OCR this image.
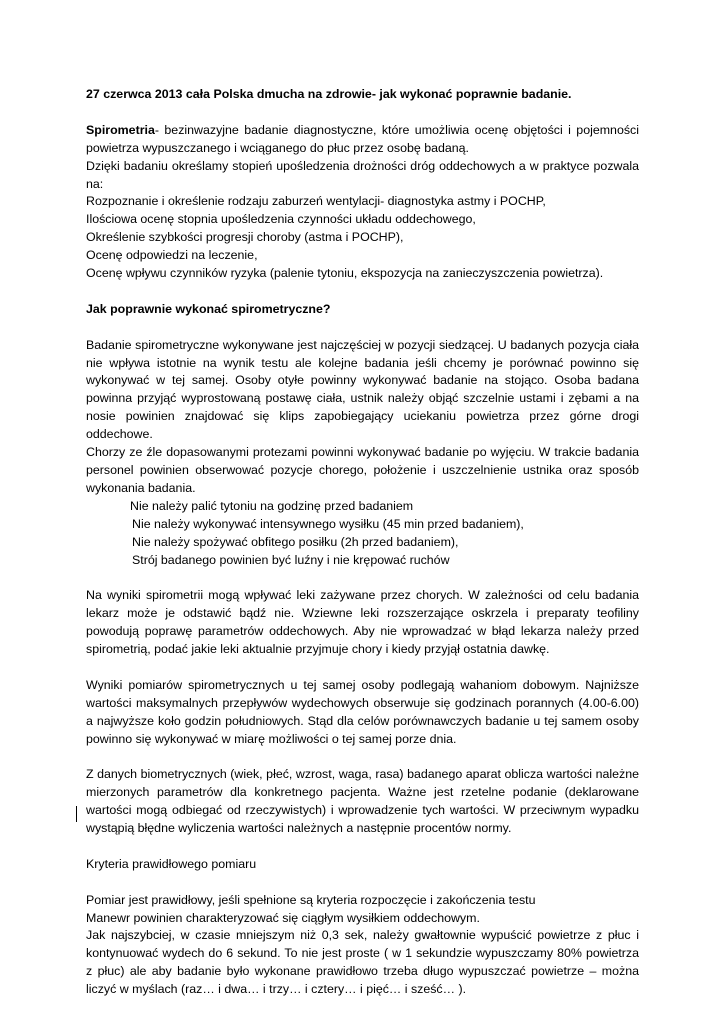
27 czerwca 2013 cała Polska dmucha na zdrowie- jak wykonać poprawnie badanie.

Spirometria- bezinwazyjne badanie diagnostyczne, które umożliwia ocenę objętości i pojemności powietrza wypuszczanego i wciąganego do płuc przez osobę badaną.

Dzięki badaniu określamy stopień upośledzenia drożności dróg oddechowych a w praktyce pozwala na:

Rozpoznanie i określenie rodzaju zaburzeń wentylacji- diagnostyka astmy i POCHP,

Ilościowa ocenę stopnia upośledzenia czynności układu oddechowego,

Określenie szybkości progresji choroby (astma i POCHP),

Ocenę odpowiedzi na leczenie,

Ocenę wpływu czynników ryzyka (palenie tytoniu, ekspozycja na zanieczyszczenia powietrza).

Jak poprawnie wykonać spirometryczne?

Badanie spirometryczne wykonywane jest najczęściej w pozycji siedzącej. U badanych pozycja ciała nie wpływa istotnie na wynik testu ale kolejne badania jeśli chcemy je porównać powinno się wykonywać w tej samej. Osoby otyłe powinny wykonywać badanie na stojąco. Osoba badana powinna przyjąć wyprostowaną postawę ciała, ustnik należy objąć szczelnie ustami i zębami a na nosie powinien znajdować się klips zapobiegający uciekaniu powietrza przez górne drogi oddechowe.

Chorzy ze źle dopasowanymi protezami powinni wykonywać badanie po wyjęciu. W trakcie badania personel powinien obserwować pozycje chorego, położenie i uszczelnienie ustnika oraz sposób wykonania badania.

Nie należy palić tytoniu na godzinę przed badaniem

Nie należy wykonywać intensywnego wysiłku (45 min przed badaniem),

Nie należy spożywać obfitego posiłku (2h przed badaniem),

Strój badanego powinien być luźny i nie krępować ruchów

Na wyniki spirometrii mogą wpływać leki zażywane przez chorych. W zależności od celu badania lekarz może je odstawić bądź nie. Wziewne leki rozszerzające oskrzela i preparaty teofiliny powodują poprawę parametrów oddechowych. Aby nie wprowadzać w błąd lekarza należy przed spirometrią, podać jakie leki aktualnie przyjmuje chory i kiedy przyjął ostatnia dawkę.

Wyniki pomiarów spirometrycznych u tej samej osoby podlegają wahaniom dobowym. Najniższe wartości maksymalnych przepływów wydechowych obserwuje się godzinach porannych (4.00-6.00) a najwyższe koło godzin południowych. Stąd dla celów porównawczych badanie u tej samem osoby powinno się wykonywać w miarę możliwości o tej samej porze dnia.

Z danych biometrycznych (wiek, płeć, wzrost, waga, rasa) badanego aparat oblicza wartości należne mierzonych parametrów dla konkretnego pacjenta. Ważne jest rzetelne podanie (deklarowane wartości mogą odbiegać od rzeczywistych) i wprowadzenie tych wartości. W przeciwnym wypadku wystąpią błędne wyliczenia wartości należnych a następnie procentów normy.

Kryteria prawidłowego pomiaru

Pomiar jest prawidłowy, jeśli spełnione są kryteria rozpoczęcie i zakończenia testu

Manewr powinien charakteryzować się ciągłym wysiłkiem oddechowym.

Jak najszybciej, w czasie mniejszym niż 0,3 sek, należy gwałtownie wypuścić powietrze z płuc i kontynuować wydech do 6 sekund. To nie jest proste ( w 1 sekundzie wypuszczamy 80% powietrza z płuc) ale aby badanie było wykonane prawidłowo trzeba długo wypuszczać powietrze – można liczyć w myślach (raz… i dwa… i trzy… i cztery… i pięć… i sześć… ).
